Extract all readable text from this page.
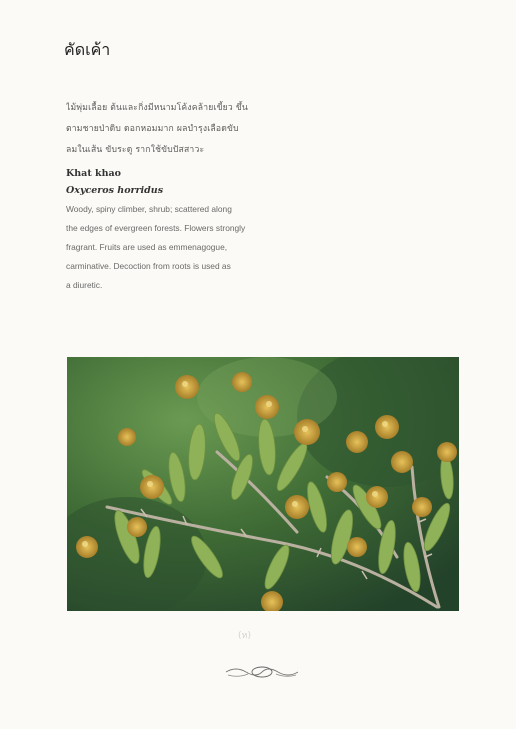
คัดเค้า
ไม้พุ่มเลื้อย ต้นและกิ่งมีหนามโค้งคล้ายเขี้ยว ขึ้น
ตามชายป่าดิบ ดอกหอมมาก ผลบำรุงเลือดขับ
ลมในเส้น ขับระดู รากใช้ขับปัสสาวะ
Khat khao
Oxyceros horridus
Woody, spiny climber, shrub; scattered along
the edges of evergreen forests. Flowers strongly
fragrant. Fruits are used as emmenagogue,
carminative. Decoction from roots is used as
a diuretic.
(ห)
